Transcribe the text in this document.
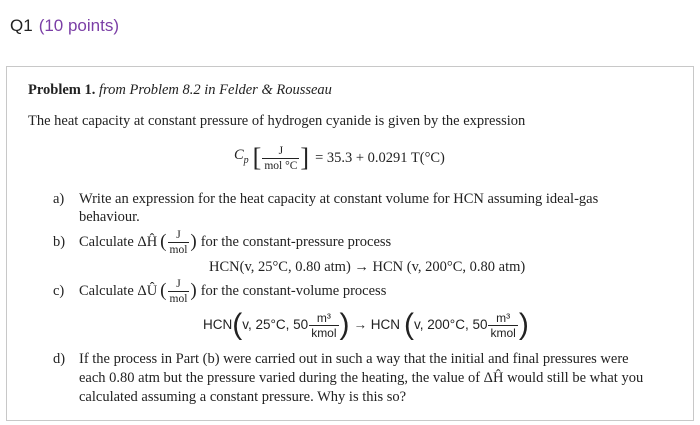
Q1 (10 points)
Problem 1. from Problem 8.2 in Felder & Rousseau
The heat capacity at constant pressure of hydrogen cyanide is given by the expression
$C_p$ [ $\frac{J}{\text{mol °C}}$ ] = 35.3 + 0.0291 T(°C)
a) Write an expression for the heat capacity at constant volume for HCN assuming ideal-gas
behaviour.
b) Calculate ΔĤ ( $\frac{J}{\text{mol}}$ ) for the constant-pressure process
HCN(v, 25°C, 0.80 atm) → HCN (v, 200°C, 0.80 atm)
c)	Calculate ΔÛ ( $\frac{J}{\text{mol}}$ ) for the constant-volume process
HCN ( v, 25°C, $50 \frac{\text{m³}}{\text{kmol}}$ ) → HCN ( v, 200°C, $50 \frac{\text{m³}}{\text{kmol}}$ )
d) If the process in Part (b) were carried out in such a way that the initial and final pressures were
each 0.80 atm but the pressure varied during the heating, the value of ΔĤ would still be what you
calculated assuming a constant pressure. Why is this so?
